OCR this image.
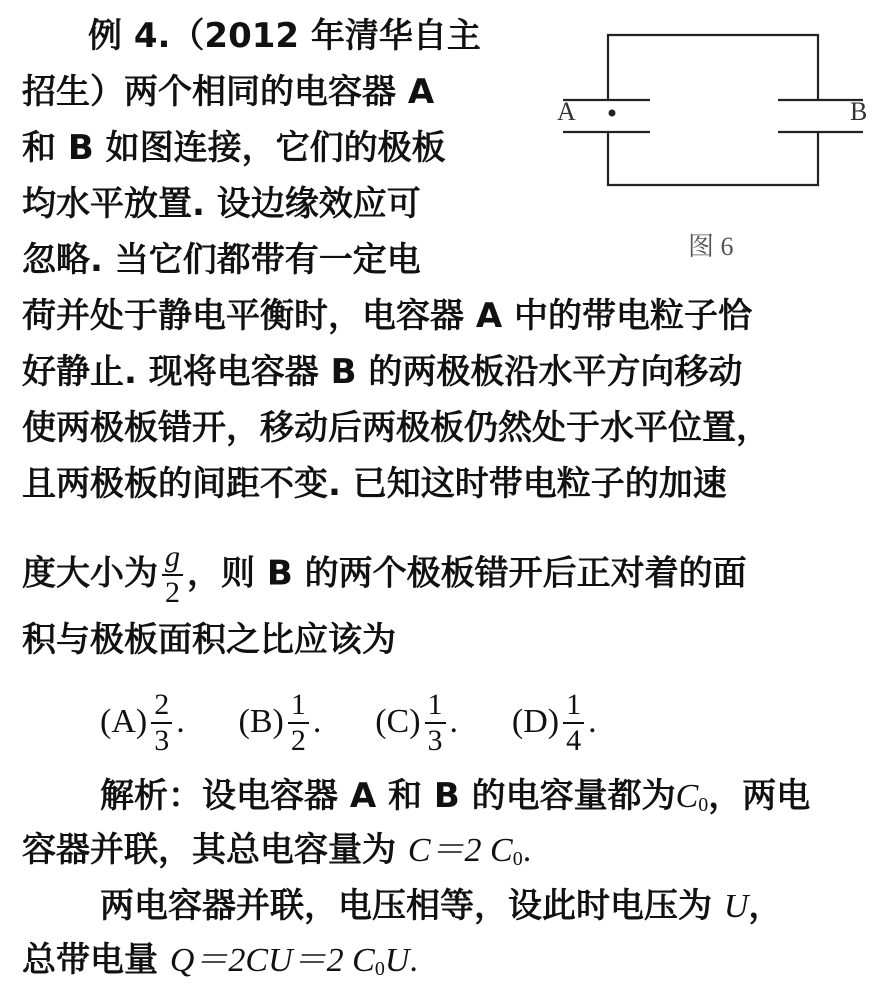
例 4.（2012 年清华自主
招生）两个相同的电容器 A
和 B 如图连接，它们的极板
均水平放置. 设边缘效应可
忽略. 当它们都带有一定电
荷并处于静电平衡时，电容器 A 中的带电粒子恰
好静止. 现将电容器 B 的两极板沿水平方向移动
使两极板错开，移动后两极板仍然处于水平位置，
且两极板的间距不变. 已知这时带电粒子的加速
度大小为 $\frac{g}{2}$ ，则 B 的两个极板错开后正对着的面
积与极板面积之比应该为
$(A) \frac{2}{3}$ . $(B) \frac{1}{2}$ . $(C) \frac{1}{3}$ . $(D) \frac{1}{4}$ .
解析：设电容器 A 和 B 的电容量都为$C_0$，两电
容器并联，其总电容量为 C＝2 $C_0$.
两电容器并联，电压相等，设此时电压为 U，
总带电量 Q＝2CU＝2 $C_0U$.
A	B
图 6
